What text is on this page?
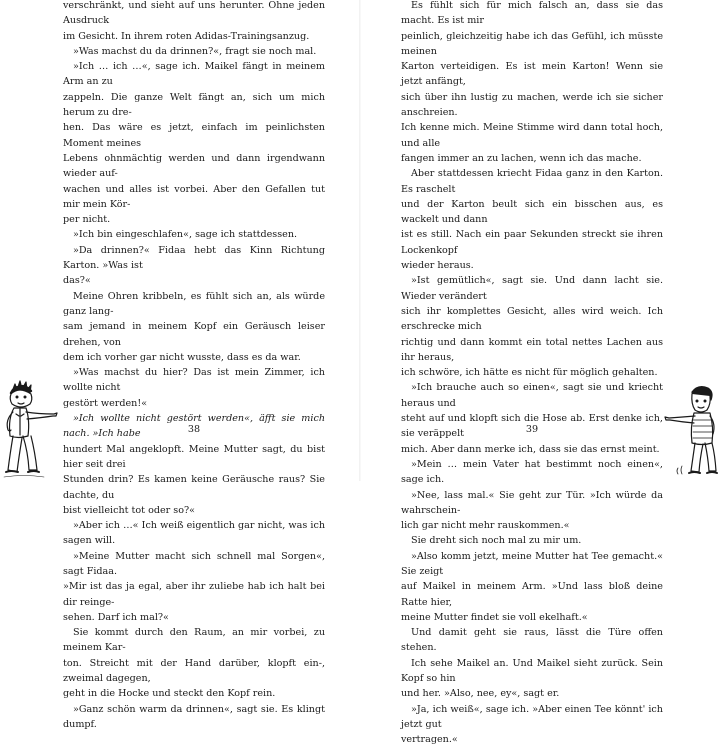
verschränkt, und sieht auf uns herunter. Ohne jeden Ausdruck

im Gesicht. In ihrem roten Adidas-Trainingsanzug.

»Was machst du da drinnen?«, fragt sie noch mal.

»Ich … ich …«, sage ich. Maikel fängt in meinem Arm an zu

zappeln. Die ganze Welt fängt an, sich um mich herum zu dre-

hen. Das wäre es jetzt, einfach im peinlichsten Moment meines

Lebens ohnmächtig werden und dann irgendwann wieder auf-

wachen und alles ist vorbei. Aber den Gefallen tut mir mein Kör-

per nicht.

»Ich bin eingeschlafen«, sage ich stattdessen.

»Da drinnen?« Fidaa hebt das Kinn Richtung Karton. »Was ist

das?«

Meine Ohren kribbeln, es fühlt sich an, als würde ganz lang-

sam jemand in meinem Kopf ein Geräusch leiser drehen, von

dem ich vorher gar nicht wusste, dass es da war.

»Was machst du hier? Das ist mein Zimmer, ich wollte nicht

gestört werden!«

»Ich wollte nicht gestört werden«, äfft sie mich nach. »Ich habe

hundert Mal angeklopft. Meine Mutter sagt, du bist hier seit drei

Stunden drin? Es kamen keine Geräusche raus? Sie dachte, du

bist vielleicht tot oder so?«

»Aber ich …« Ich weiß eigentlich gar nicht, was ich sagen will.

»Meine Mutter macht sich schnell mal Sorgen«, sagt Fidaa.

»Mir ist das ja egal, aber ihr zuliebe hab ich halt bei dir reinge-

sehen. Darf ich mal?«

Sie kommt durch den Raum, an mir vorbei, zu meinem Kar-

ton. Streicht mit der Hand darüber, klopft ein-, zweimal dagegen,

geht in die Hocke und steckt den Kopf rein.

»Ganz schön warm da drinnen«, sagt sie. Es klingt dumpf.

38

Es fühlt sich für mich falsch an, dass sie das macht. Es ist mir

peinlich, gleichzeitig habe ich das Gefühl, ich müsste meinen

Karton verteidigen. Es ist mein Karton! Wenn sie jetzt anfängt,

sich über ihn lustig zu machen, werde ich sie sicher anschreien.

Ich kenne mich. Meine Stimme wird dann total hoch, und alle

fangen immer an zu lachen, wenn ich das mache.

Aber stattdessen kriecht Fidaa ganz in den Karton. Es raschelt

und der Karton beult sich ein bisschen aus, es wackelt und dann

ist es still. Nach ein paar Sekunden streckt sie ihren Lockenkopf

wieder heraus.

»Ist gemütlich«, sagt sie. Und dann lacht sie. Wieder verändert

sich ihr komplettes Gesicht, alles wird weich. Ich erschrecke mich

richtig und dann kommt ein total nettes Lachen aus ihr heraus,

ich schwöre, ich hätte es nicht für möglich gehalten.

»Ich brauche auch so einen«, sagt sie und kriecht heraus und

steht auf und klopft sich die Hose ab. Erst denke ich, sie veräppelt

mich. Aber dann merke ich, dass sie das ernst meint.

»Mein … mein Vater hat bestimmt noch einen«, sage ich.

»Nee, lass mal.« Sie geht zur Tür. »Ich würde da wahrschein-

lich gar nicht mehr rauskommen.«

Sie dreht sich noch mal zu mir um.

»Also komm jetzt, meine Mutter hat Tee gemacht.« Sie zeigt

auf Maikel in meinem Arm. »Und lass bloß deine Ratte hier,

meine Mutter findet sie voll ekelhaft.«

Und damit geht sie raus, lässt die Türe offen stehen.

Ich sehe Maikel an. Und Maikel sieht zurück. Sein Kopf so hin

und her. »Also, nee, ey«, sagt er.

»Ja, ich weiß«, sage ich. »Aber einen Tee könnt' ich jetzt gut

vertragen.«

39
